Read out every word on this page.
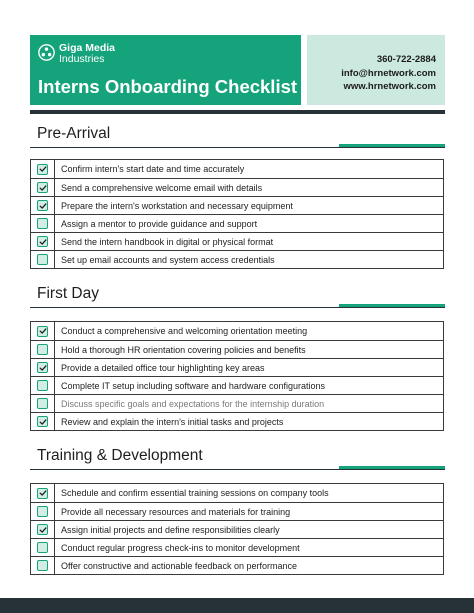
Giga Media
Industries
Interns Onboarding Checklist
360-722-2884
info@hrnetwork.com
www.hrnetwork.com
Pre-Arrival
Confirm intern's start date and time accurately
Send a comprehensive welcome email with details
Prepare the intern's workstation and necessary equipment
Assign a mentor to provide guidance and support
Send the intern handbook in digital or physical format
Set up email accounts and system access credentials
First Day
Conduct a comprehensive and welcoming orientation meeting
Hold a thorough HR orientation covering policies and benefits
Provide a detailed office tour highlighting key areas
Complete IT setup including software and hardware configurations
Discuss specific goals and expectations for the internship duration
Review and explain the intern's initial tasks and projects
Training & Development
Schedule and confirm essential training sessions on company tools
Provide all necessary resources and materials for training
Assign initial projects and define responsibilities clearly
Conduct regular progress check-ins to monitor development
Offer constructive and actionable feedback on performance
